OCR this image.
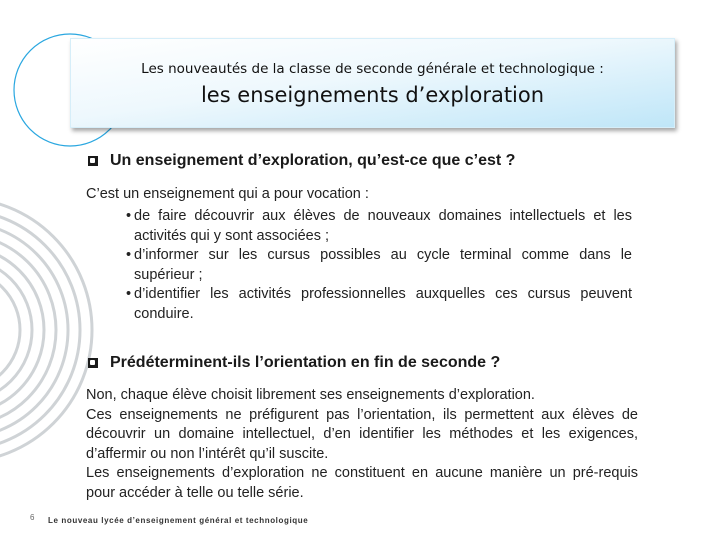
Les nouveautés de la classe de seconde générale et technologique :
les enseignements d’exploration
Un enseignement d’exploration, qu’est-ce que c’est ?
C’est un enseignement qui a pour vocation :
• de faire découvrir aux élèves de nouveaux domaines intellectuels et les activités qui y sont associées ;
• d’informer sur les cursus possibles au cycle terminal comme dans le supérieur ;
• d’identifier les activités professionnelles auxquelles ces cursus peuvent conduire.
Prédéterminent-ils l’orientation en fin de seconde ?

Non, chaque élève choisit librement ses enseignements d’exploration.

Ces enseignements ne préfigurent pas l’orientation, ils permettent aux élèves de découvrir un domaine intellectuel, d’en identifier les méthodes et les exigences, d’affermir ou non l’intérêt qu’il suscite.

Les enseignements d’exploration ne constituent en aucune manière un pré-requis pour accéder à telle ou telle série.

6 Le nouveau lycée d’enseignement général et technologique
